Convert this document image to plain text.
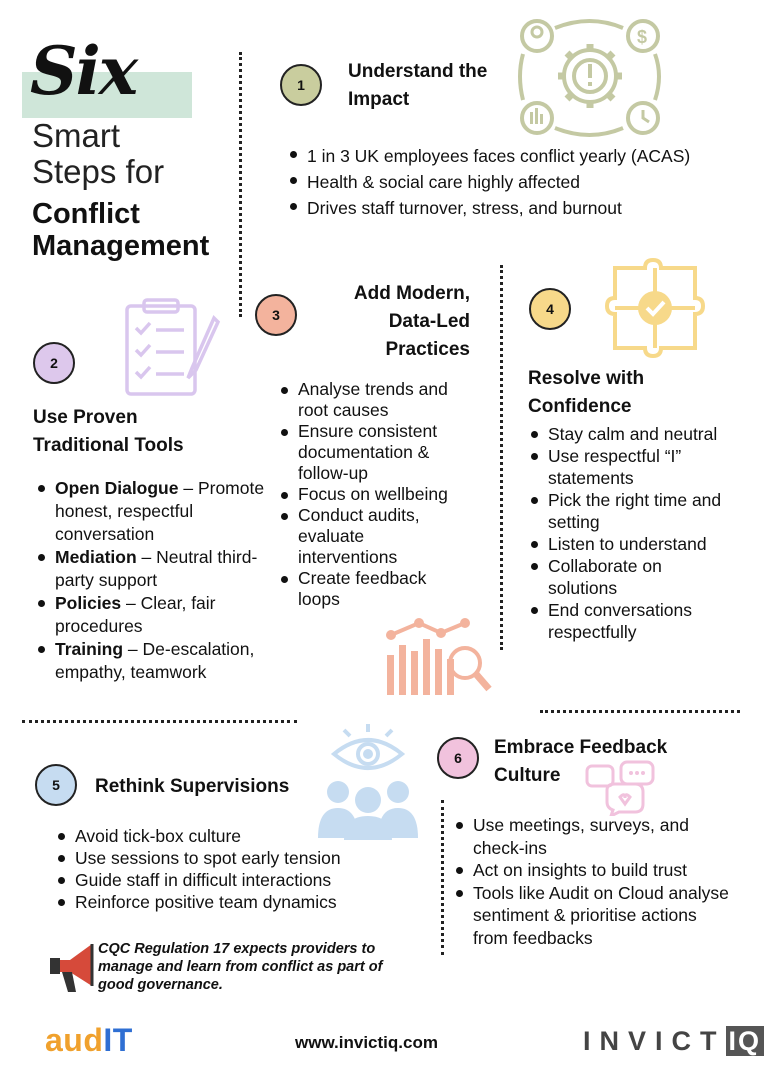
Six
Smart
Steps for
Conflict
Management
1
Understand the
Impact
$
1 in 3 UK employees faces conflict yearly (ACAS)
Health & social care highly affected
Drives staff turnover, stress, and burnout
2
Use Proven
Traditional Tools
Open Dialogue – Promote honest, respectful conversation
Mediation – Neutral third-party support
Policies – Clear, fair procedures
Training – De-escalation, empathy, teamwork
3
Add Modern,
Data-Led
Practices
Analyse trends and root causes
Ensure consistent documentation & follow-up
Focus on wellbeing
Conduct audits, evaluate interventions
Create feedback loops
4
Resolve with
Confidence
Stay calm and neutral
Use respectful “I” statements
Pick the right time and setting
Listen to understand
Collaborate on solutions
End conversations respectfully
5 Rethink Supervisions
Avoid tick-box culture
Use sessions to spot early tension
Guide staff in difficult interactions
Reinforce positive team dynamics
6 Embrace Feedback
Culture
Use meetings, surveys, and check-ins
Act on insights to build trust
Tools like Audit on Cloud analyse sentiment & prioritise actions from feedbacks
CQC Regulation 17 expects providers to manage and learn from conflict as part of good governance.
audIT	www.invictiq.com	INVICT IQ
